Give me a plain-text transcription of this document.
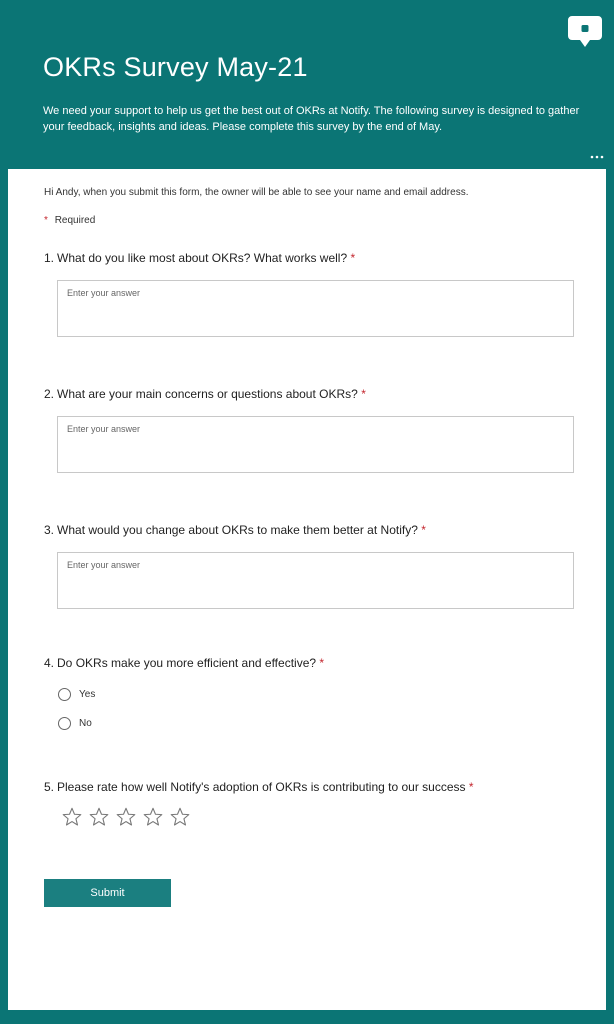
OKRs Survey May-21
We need your support to help us get the best out of OKRs at Notify. The following survey is designed to gather your feedback, insights and ideas. Please complete this survey by the end of May.
Hi Andy, when you submit this form, the owner will be able to see your name and email address.
* Required
1. What do you like most about OKRs? What works well? *
Enter your answer
2. What are your main concerns or questions about OKRs? *
Enter your answer
3. What would you change about OKRs to make them better at Notify? *
Enter your answer
4. Do OKRs make you more efficient and effective? *
Yes
No
5. Please rate how well Notify's adoption of OKRs is contributing to our success *
Submit
